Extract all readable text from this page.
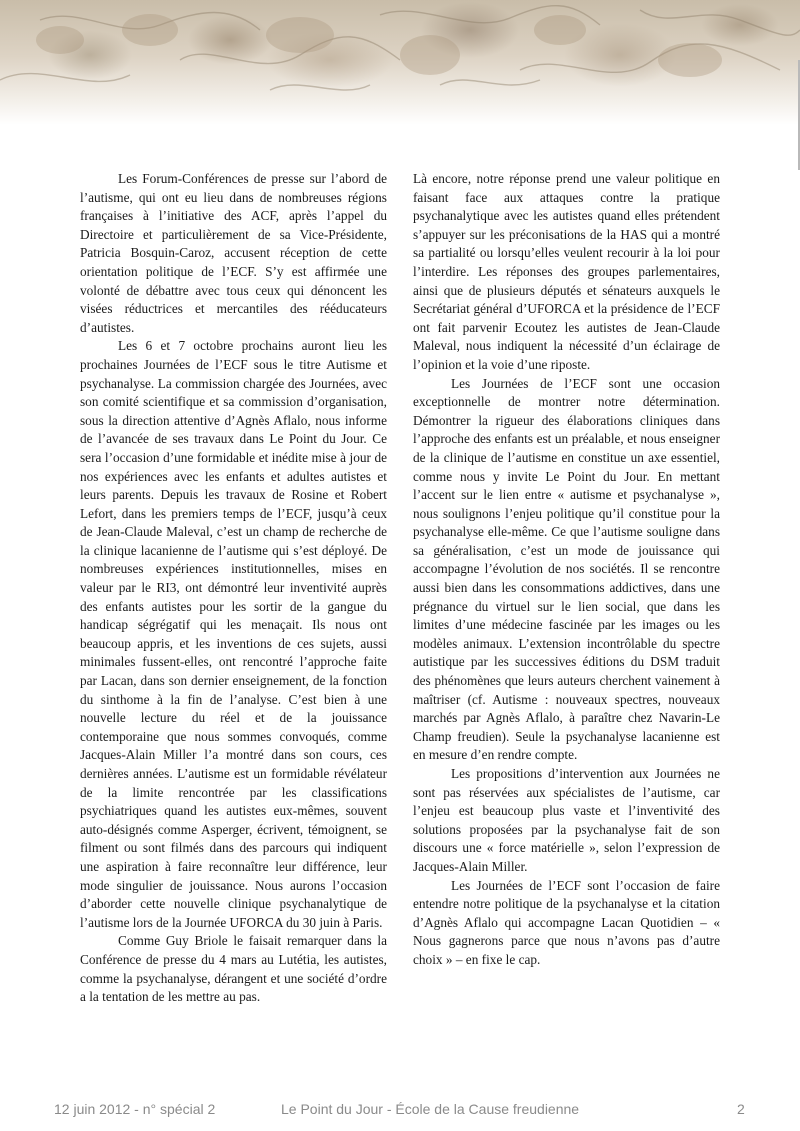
Les Forum-Conférences de presse sur l’abord de l’autisme, qui ont eu lieu dans de nombreuses régions françaises à l’initiative des ACF, après l’appel du Directoire et particulièrement de sa Vice-Présidente, Patricia Bosquin-Caroz, accusent réception de cette orientation politique de l’ECF. S’y est affirmée une volonté de débattre avec tous ceux qui dénoncent les visées réductrices et mercantiles des rééducateurs d’autistes.

Les 6 et 7 octobre prochains auront lieu les prochaines Journées de l’ECF sous le titre Autisme et psychanalyse. La commission chargée des Journées, avec son comité scientifique et sa commission d’organisation, sous la direction attentive d’Agnès Aflalo, nous informe de l’avancée de ses travaux dans Le Point du Jour. Ce sera l’occasion d’une formidable et inédite mise à jour de nos expériences avec les enfants et adultes autistes et leurs parents. Depuis les travaux de Rosine et Robert Lefort, dans les premiers temps de l’ECF, jusqu’à ceux de Jean-Claude Maleval, c’est un champ de recherche de la clinique lacanienne de l’autisme qui s’est déployé. De nombreuses expériences institutionnelles, mises en valeur par le RI3, ont démontré leur inventivité auprès des enfants autistes pour les sortir de la gangue du handicap ségrégatif qui les menaçait. Ils nous ont beaucoup appris, et les inventions de ces sujets, aussi minimales fussent-elles, ont rencontré l’approche faite par Lacan, dans son dernier enseignement, de la fonction du sinthome à la fin de l’analyse. C’est bien à une nouvelle lecture du réel et de la jouissance contemporaine que nous sommes convoqués, comme Jacques-Alain Miller l’a montré dans son cours, ces dernières années. L’autisme est un formidable révélateur de la limite rencontrée par les classifications psychiatriques quand les autistes eux-mêmes, souvent auto-désignés comme Asperger, écrivent, témoignent, se filment ou sont filmés dans des parcours qui indiquent une aspiration à faire reconnaître leur différence, leur mode singulier de jouissance. Nous aurons l’occasion d’aborder cette nouvelle clinique psychanalytique de l’autisme lors de la Journée UFORCA du 30 juin à Paris.

Comme Guy Briole le faisait remarquer dans la Conférence de presse du 4 mars au Lutétia, les autistes, comme la psychanalyse, dérangent et une société d’ordre a la tentation de les mettre au pas.

Là encore, notre réponse prend une valeur politique en faisant face aux attaques contre la pratique psychanalytique avec les autistes quand elles prétendent s’appuyer sur les préconisations de la HAS qui a montré sa partialité ou lorsqu’elles veulent recourir à la loi pour l’interdire. Les réponses des groupes parlementaires, ainsi que de plusieurs députés et sénateurs auxquels le Secrétariat général d’UFORCA et la présidence de l’ECF ont fait parvenir Ecoutez les autistes de Jean-Claude Maleval, nous indiquent la nécessité d’un éclairage de l’opinion et la voie d’une riposte.

Les Journées de l’ECF sont une occasion exceptionnelle de montrer notre détermination. Démontrer la rigueur des élaborations cliniques dans l’approche des enfants est un préalable, et nous enseigner de la clinique de l’autisme en constitue un axe essentiel, comme nous y invite Le Point du Jour. En mettant l’accent sur le lien entre « autisme et psychanalyse », nous soulignons l’enjeu politique qu’il constitue pour la psychanalyse elle-même. Ce que l’autisme souligne dans sa généralisation, c’est un mode de jouissance qui accompagne l’évolution de nos sociétés. Il se rencontre aussi bien dans les consommations addictives, dans une prégnance du virtuel sur le lien social, que dans les limites d’une médecine fascinée par les images ou les modèles animaux. L’extension incontrôlable du spectre autistique par les successives éditions du DSM traduit des phénomènes que leurs auteurs cherchent vainement à maîtriser (cf. Autisme : nouveaux spectres, nouveaux marchés par Agnès Aflalo, à paraître chez Navarin-Le Champ freudien). Seule la psychanalyse lacanienne est en mesure d’en rendre compte.

Les propositions d’intervention aux Journées ne sont pas réservées aux spécialistes de l’autisme, car l’enjeu est beaucoup plus vaste et l’inventivité des solutions proposées par la psychanalyse fait de son discours une « force matérielle », selon l’expression de Jacques-Alain Miller.

Les Journées de l’ECF sont l’occasion de faire entendre notre politique de la psychanalyse et la citation d’Agnès Aflalo qui accompagne Lacan Quotidien – « Nous gagnerons parce que nous n’avons pas d’autre choix » – en fixe le cap.

12 juin 2012 - n° spécial 2	Le Point du Jour - École de la Cause freudienne	2
